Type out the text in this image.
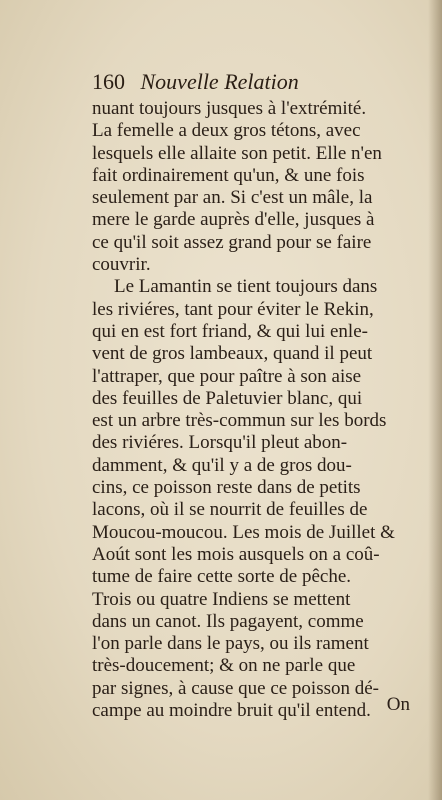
160 Nouvelle Relation
nuant toujours jusques à l'extrémité.
La femelle a deux gros tétons, avec
lesquels elle allaite son petit. Elle n'en
fait ordinairement qu'un, & une fois
seulement par an. Si c'est un mâle, la
mere le garde auprès d'elle, jusques à
ce qu'il soit assez grand pour se faire
couvrir.
Le Lamantin se tient toujours dans
les riviéres, tant pour éviter le Rekin,
qui en est fort friand, & qui lui enle-
vent de gros lambeaux, quand il peut
l'attraper, que pour paître à son aise
des feuilles de Paletuvier blanc, qui
est un arbre très-commun sur les bords
des riviéres. Lorsqu'il pleut abon-
damment, & qu'il y a de gros dou-
cins, ce poisson reste dans de petits
lacons, où il se nourrit de feuilles de
Moucou-moucou. Les mois de Juillet &
Aoút sont les mois ausquels on a coû-
tume de faire cette sorte de pêche.
Trois ou quatre Indiens se mettent
dans un canot. Ils pagayent, comme
l'on parle dans le pays, ou ils rament
très-doucement; & on ne parle que
par signes, à cause que ce poisson dé-
campe au moindre bruit qu'il entend. On
